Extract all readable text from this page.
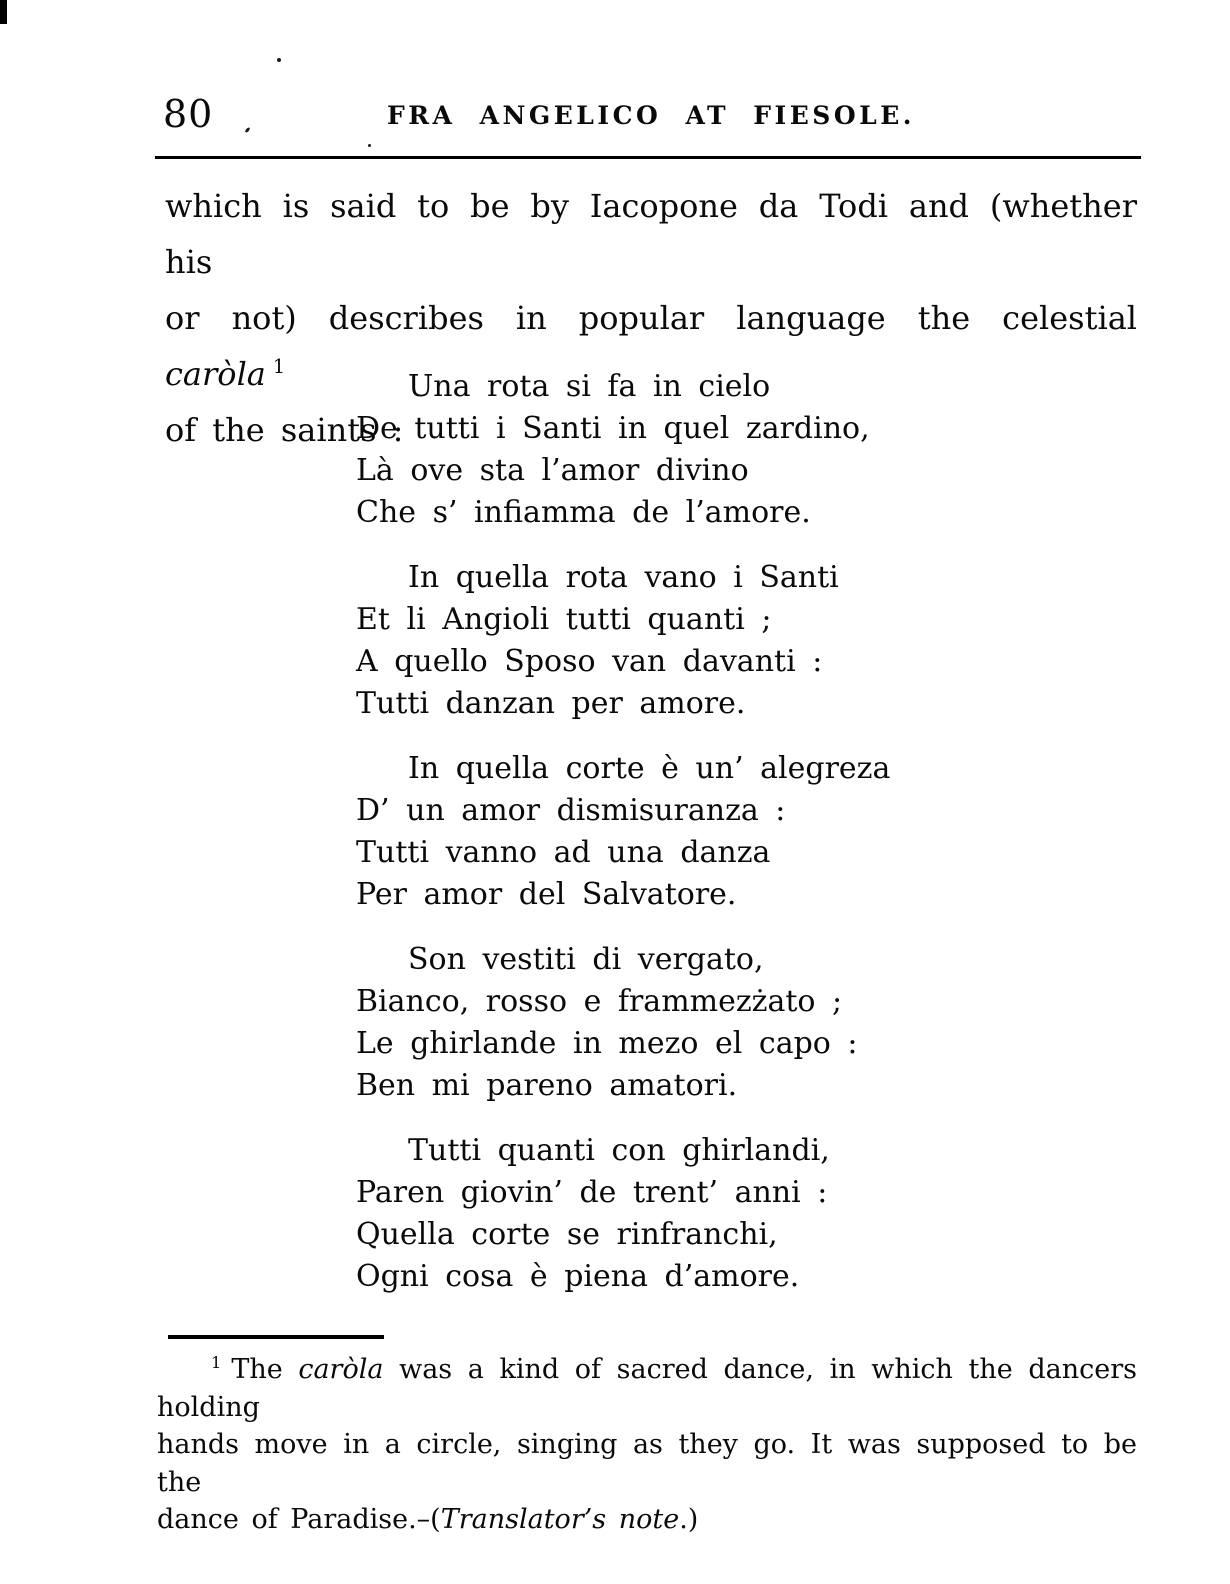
80	FRA ANGELICO AT FIESOLE.
which is said to be by Iacopone da Todi and (whether his
or not) describes in popular language the celestial caròla $^1$
of the saints :
Una rota si fa in cielo
De tutti i Santi in quel zardino,
Là ove sta l’amor divino
Che s’ infiamma de l’amore.
In quella rota vano i Santi
Et li Angioli tutti quanti ;
A quello Sposo van davanti :
Tutti danzan per amore.
In quella corte è un’ alegreza
D’ un amor dismisuranza :
Tutti vanno ad una danza
Per amor del Salvatore.
Son vestiti di vergato,
Bianco, rosso e frammezżato ;
Le ghirlande in mezo el capo :
Ben mi pareno amatori.
Tutti quanti con ghirlandi,
Paren giovin’ de trent’ anni :
Quella corte se rinfranchi,
Ogni cosa è piena d’amore.
$^1$ The caròla was a kind of sacred dance, in which the dancers holding
hands move in a circle, singing as they go. It was supposed to be the
dance of Paradise.–(Translator’s note.)
